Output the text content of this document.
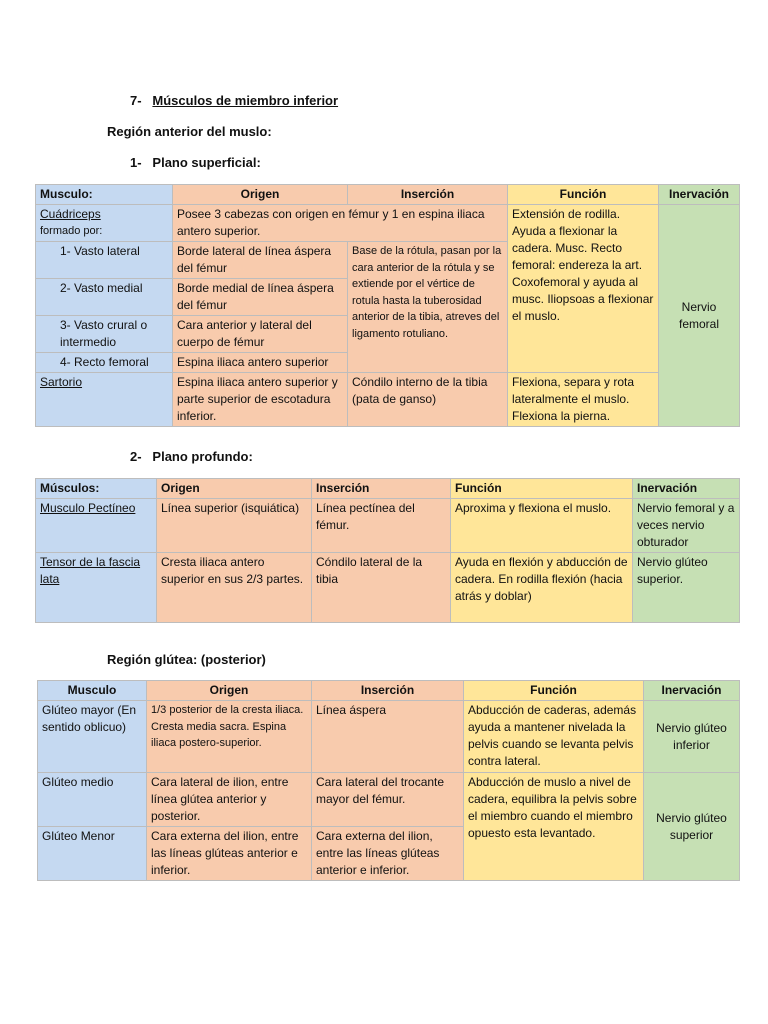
7- Músculos de miembro inferior
Región anterior del muslo:
1- Plano superficial:
Musculo:	Origen	Inserción	Función	Inervación

Cuádriceps
formado por:	Posee 3 cabezas con origen en fémur y 1 en espina iliaca antero superior.		Extensión de rodilla. Ayuda a flexionar la cadera. Musc. Recto femoral: endereza la art. Coxofemoral y ayuda al musc. Iliopsoas a flexionar el muslo.	Nervio femoral
1- Vasto lateral	Borde lateral de línea áspera del fémur	Base de la rótula, pasan por la cara anterior de la rótula y se extiende por el vértice de rotula hasta la tuberosidad anterior de la tibia, atreves del ligamento rotuliano.		
2- Vasto medial	Borde medial de línea áspera del fémur			
3- Vasto crural o intermedio	Cara anterior y lateral del cuerpo de fémur			
4- Recto femoral	Espina iliaca antero superior			
Sartorio	Espina iliaca antero superior y parte superior de escotadura inferior.	Cóndilo interno de la tibia (pata de ganso)	Flexiona, separa y rota lateralmente el muslo. Flexiona la pierna.	
2- Plano profundo:
Músculos:	Origen	Inserción	Función	Inervación
Musculo Pectíneo	Línea superior (isquiática)	Línea pectínea del fémur.	Aproxima y flexiona el muslo.	Nervio femoral y a veces nervio obturador
Tensor de la fascia lata	Cresta iliaca antero superior en sus 2/3 partes.	Cóndilo lateral de la tibia	Ayuda en flexión y abducción de cadera. En rodilla flexión (hacia atrás y doblar)	Nervio glúteo superior.
Región glútea: (posterior)
Musculo	Origen	Inserción	Función	Inervación
Glúteo mayor (En sentido oblicuo)	1/3 posterior de la cresta iliaca. Cresta media sacra. Espina iliaca postero-superior.	Línea áspera	Abducción de caderas, además ayuda a mantener nivelada la pelvis cuando se levanta pelvis contra lateral.	Nervio glúteo inferior
Glúteo medio	Cara lateral de ilion, entre línea glútea anterior y posterior.	Cara lateral del trocante mayor del fémur.	Abducción de muslo a nivel de cadera, equilibra la pelvis sobre el miembro cuando el miembro opuesto esta levantado.	Nervio glúteo superior
Glúteo Menor	Cara externa del ilion, entre las líneas glúteas anterior e inferior.	Cara externa del ilion, entre las líneas glúteas anterior e inferior.		
